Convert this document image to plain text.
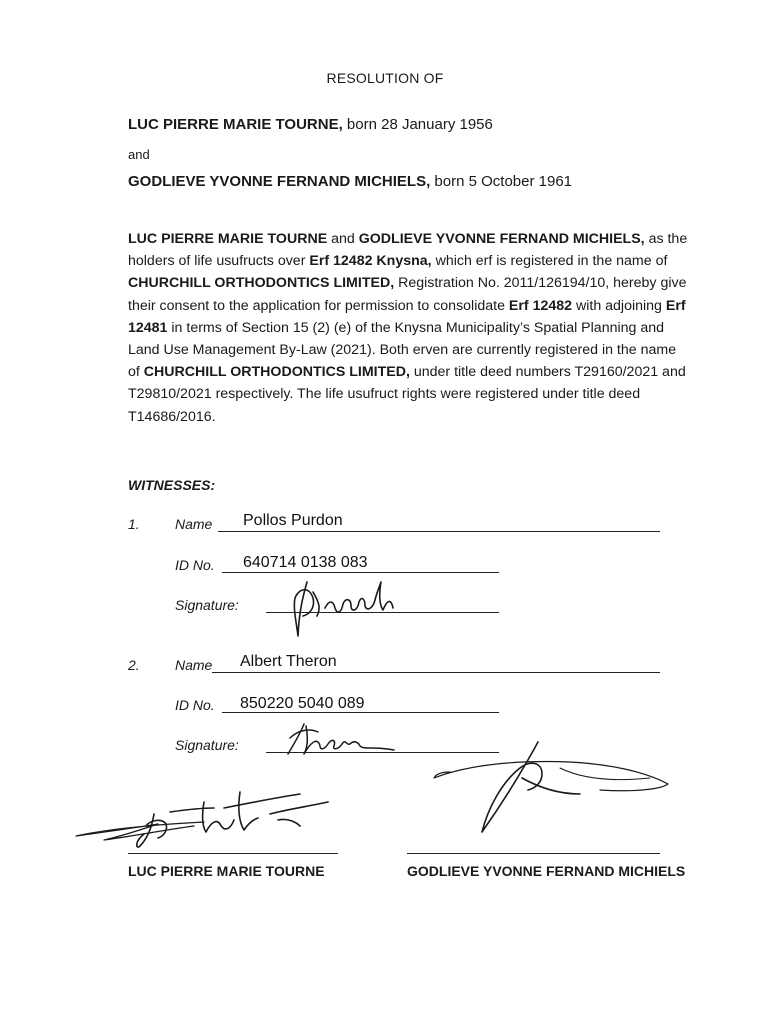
RESOLUTION OF
LUC PIERRE MARIE TOURNE, born 28 January 1956
and
GODLIEVE YVONNE FERNAND MICHIELS, born 5 October 1961
LUC PIERRE MARIE TOURNE and GODLIEVE YVONNE FERNAND MICHIELS, as the holders of life usufructs over Erf 12482 Knysna, which erf is registered in the name of CHURCHILL ORTHODONTICS LIMITED, Registration No. 2011/126194/10, hereby give their consent to the application for permission to consolidate Erf 12482 with adjoining Erf 12481 in terms of Section 15 (2) (e) of the Knysna Municipality’s Spatial Planning and Land Use Management By-Law (2021). Both erven are currently registered in the name of CHURCHILL ORTHODONTICS LIMITED, under title deed numbers T29160/2021 and T29810/2021 respectively. The life usufruct rights were registered under title deed T14686/2016.
WITNESSES:
1.	Name Pollos Purdon
ID No. 640714 0138 083
Signature:
2.	Name Albert Theron
ID No. 850220 5040 089
Signature:
LUC PIERRE MARIE TOURNE	GODLIEVE YVONNE FERNAND MICHIELS
